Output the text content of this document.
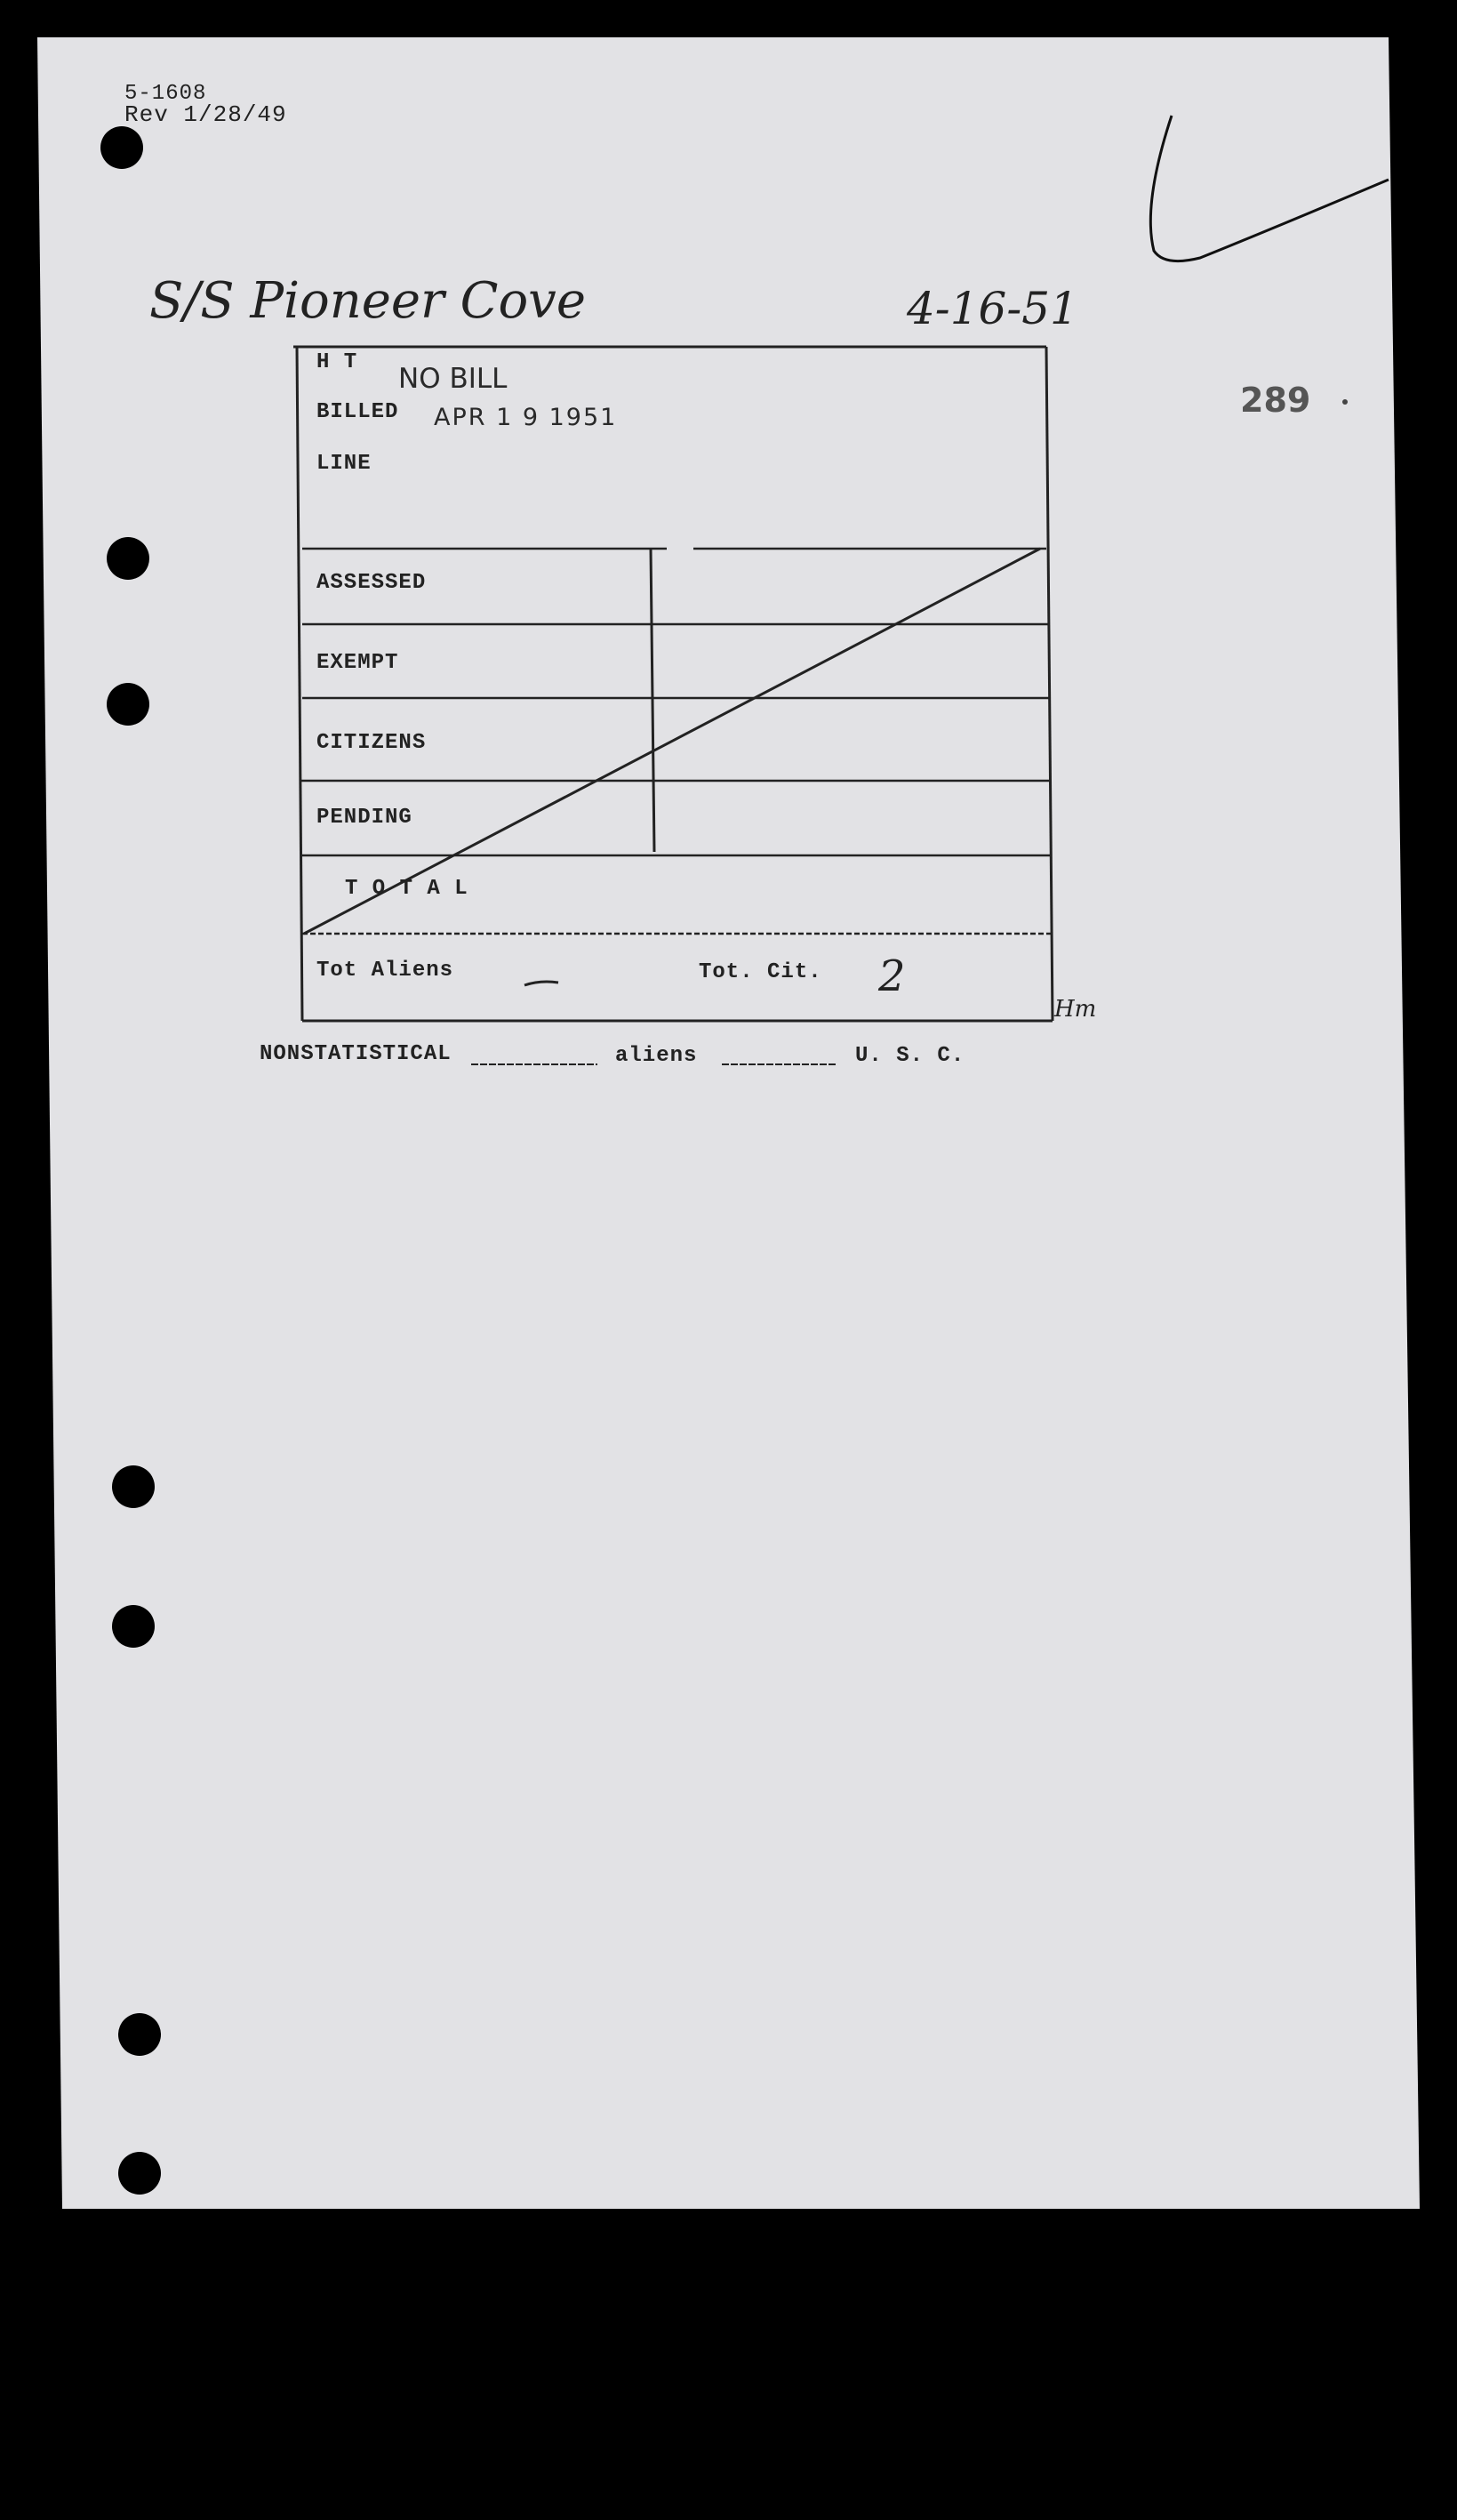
5-1608
Rev 1/28/49
S/S Pioneer Cove	4-16-51
289
H T
NO BILL
BILLED APR 1 9 1951
LINE
ASSESSED
EXEMPT
CITIZENS
PENDING
T O T A L
Tot Aliens	Tot. Cit. 2
Hm
NONSTATISTICAL	aliens	U. S. C.
